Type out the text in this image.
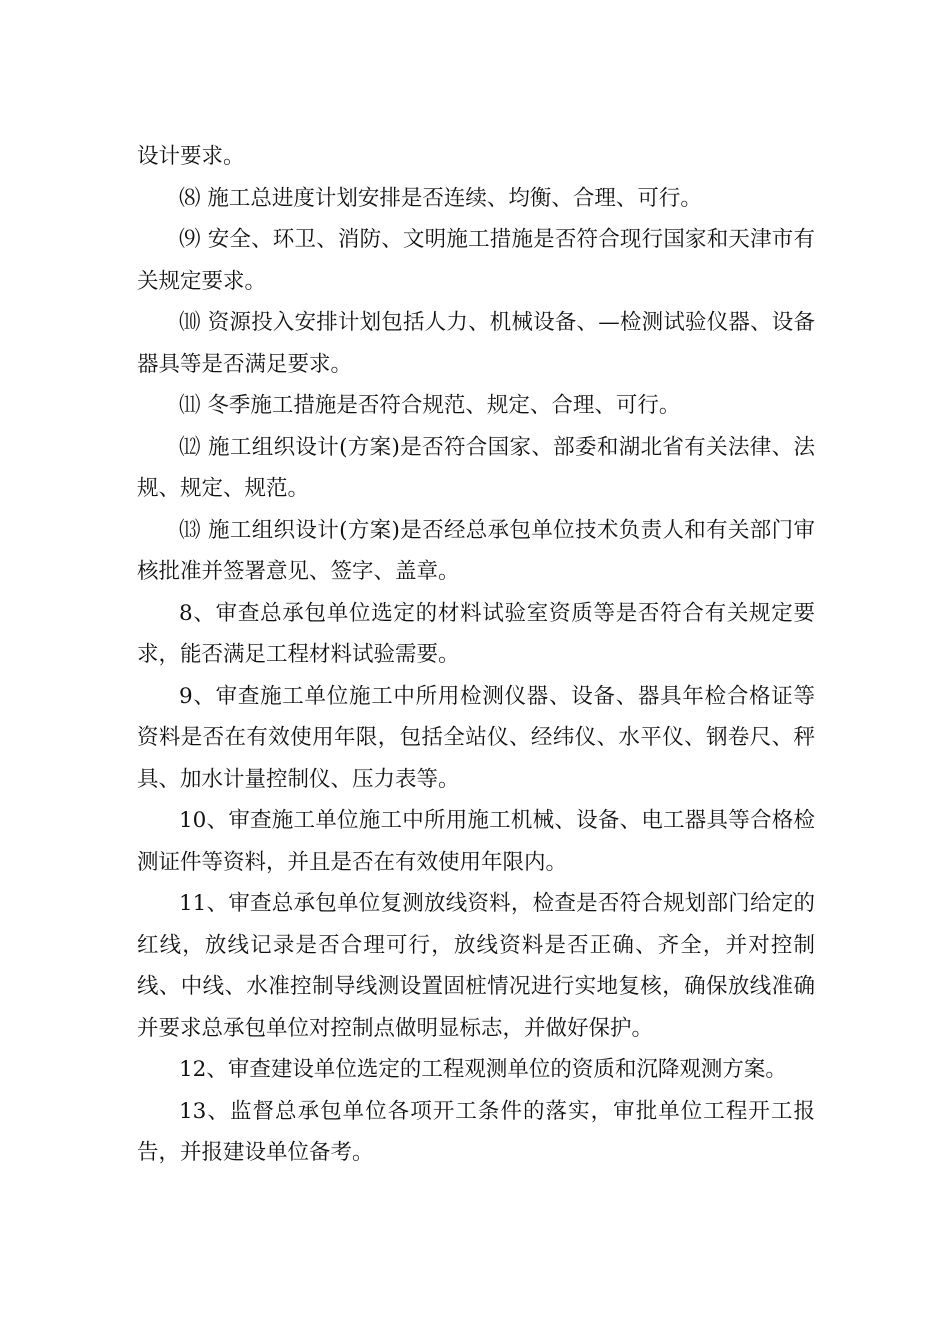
设计要求。

⑻ 施工总进度计划安排是否连续、均衡、合理、可行。

⑼ 安全、环卫、消防、文明施工措施是否符合现行国家和天津市有关规定要求。

⑽ 资源投入安排计划包括人力、机械设备、—检测试验仪器、设备器具等是否满足要求。

⑾ 冬季施工措施是否符合规范、规定、合理、可行。

⑿ 施工组织设计(方案)是否符合国家、部委和湖北省有关法律、法规、规定、规范。

⒀ 施工组织设计(方案)是否经总承包单位技术负责人和有关部门审核批准并签署意见、签字、盖章。

8、审查总承包单位选定的材料试验室资质等是否符合有关规定要求，能否满足工程材料试验需要。

9、审查施工单位施工中所用检测仪器、设备、器具年检合格证等资料是否在有效使用年限，包括全站仪、经纬仪、水平仪、钢卷尺、秤具、加水计量控制仪、压力表等。

10、审查施工单位施工中所用施工机械、设备、电工器具等合格检测证件等资料，并且是否在有效使用年限内。

11、审查总承包单位复测放线资料，检查是否符合规划部门给定的红线，放线记录是否合理可行，放线资料是否正确、齐全，并对控制线、中线、水准控制导线测设置固桩情况进行实地复核，确保放线准确并要求总承包单位对控制点做明显标志，并做好保护。

12、审查建设单位选定的工程观测单位的资质和沉降观测方案。

13、监督总承包单位各项开工条件的落实，审批单位工程开工报告，并报建设单位备考。
